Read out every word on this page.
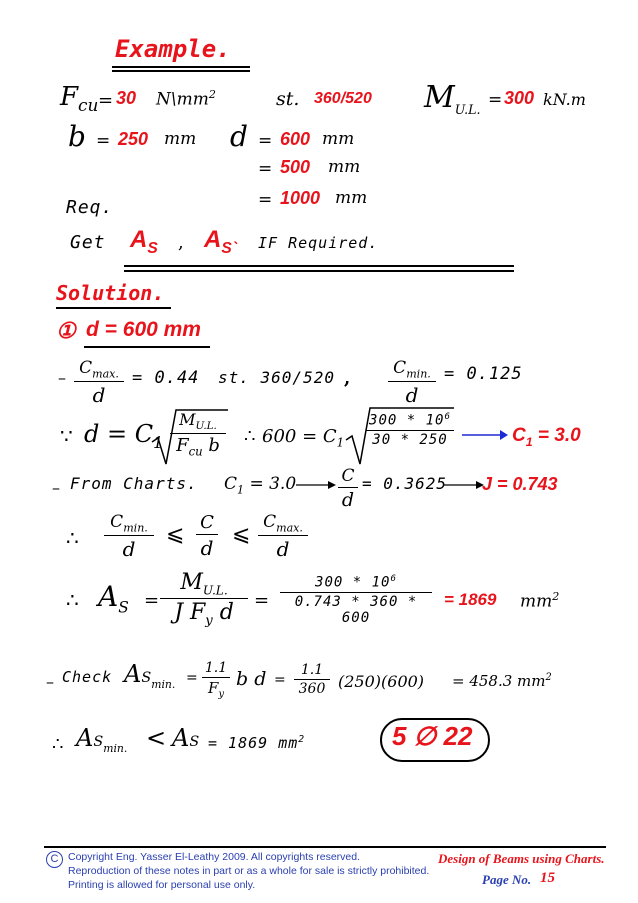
Example.
$F_{cu} = 30$ $N\backslash mm^2$	st. 360/520 $M_{U.L.} = 300$ kN.m
b = 250 mm d = 600 mm
= 500 mm
= 1000 mm
Req.
Get $A_S$ , $A_{S`}$ IF Required.
Solution.
① d = 600 mm
– $C_{max.}$
d
= 0.44 st. 360/520 ,	$C_{min.}$
d
= 0.125
∵ $d = C_1$
$M_{U.L.}$
$F_{cu}$ b	∴ $600 = C_1$
$300 * 10^6$
30 * 250	$C_1 = 3.0$
– From Charts. $C_1 = 3.0$	C
d
= 0.3625 J = 0.743
∴
$C_{min.}$
d
⩽ C
d
⩽ $C_{max.}$
d
∴ $A_S$ =
$M_{U.L.}$
J $F_y$ d	=
$300 * 10^6$
0.743 * 360 * 600
= 1869 $mm^2$
– Check $AS_{min.}$ =
1.1
$F_y$
b d =
1.1
360 (250)(600) = 458.3 $mm^2$
∴ $AS_{min.}$ < AS = 1869 $mm^2$	5 ∅ 22
C Copyright Eng. Yasser El-Leathy 2009. All copyrights reserved.
Reproduction of these notes in part or as a whole for sale is strictly prohibited.
Printing is allowed for personal use only.
Design of Beams using Charts.
Page No. 15
